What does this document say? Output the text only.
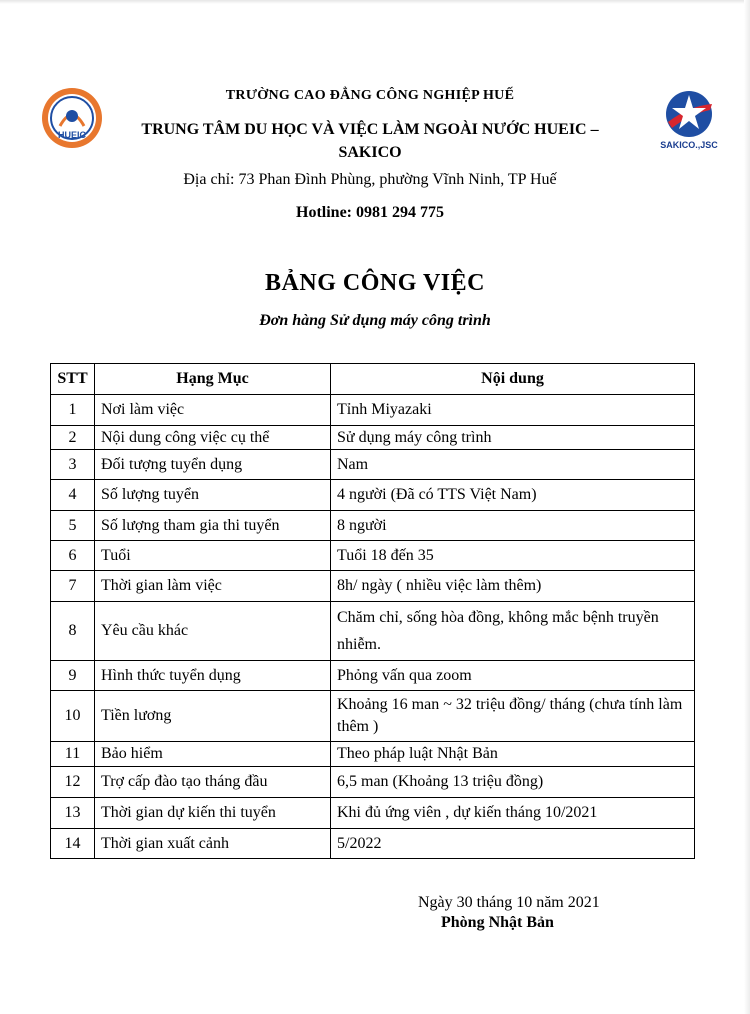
HUEIC
SAKICO.,JSC
TRƯỜNG CAO ĐẲNG CÔNG NGHIỆP HUẾ
TRUNG TÂM DU HỌC VÀ VIỆC LÀM NGOÀI NƯỚC HUEIC – SAKICO
Địa chỉ: 73 Phan Đình Phùng, phường Vĩnh Ninh, TP Huế
Hotline: 0981 294 775
BẢNG CÔNG VIỆC
Đơn hàng Sử dụng máy công trình
STT	Hạng Mục	Nội dung
1	Nơi làm việc	Tỉnh Miyazaki
2	Nội dung công việc cụ thể	Sử dụng máy công trình
3	Đối tượng tuyển dụng	Nam
4	Số lượng tuyển	4 người (Đã có TTS Việt Nam)
5	Số lượng tham gia thi tuyển	8 người
6	Tuổi	Tuổi 18 đến 35
7	Thời gian làm việc	8h/ ngày ( nhiều việc làm thêm)
8	Yêu cầu khác	Chăm chỉ, sống hòa đồng, không mắc bệnh truyền nhiễm.
9	Hình thức tuyển dụng	Phỏng vấn qua zoom
10	Tiền lương	Khoảng 16 man ~ 32 triệu đồng/ tháng (chưa tính làm thêm )
11	Bảo hiểm	Theo pháp luật Nhật Bản
12	Trợ cấp đào tạo tháng đầu	6,5 man (Khoảng 13 triệu đồng)
13	Thời gian dự kiến thi tuyển	Khi đủ ứng viên , dự kiến tháng 10/2021
14	Thời gian xuất cảnh	5/2022
Ngày 30 tháng 10 năm 2021
Phòng Nhật Bản
